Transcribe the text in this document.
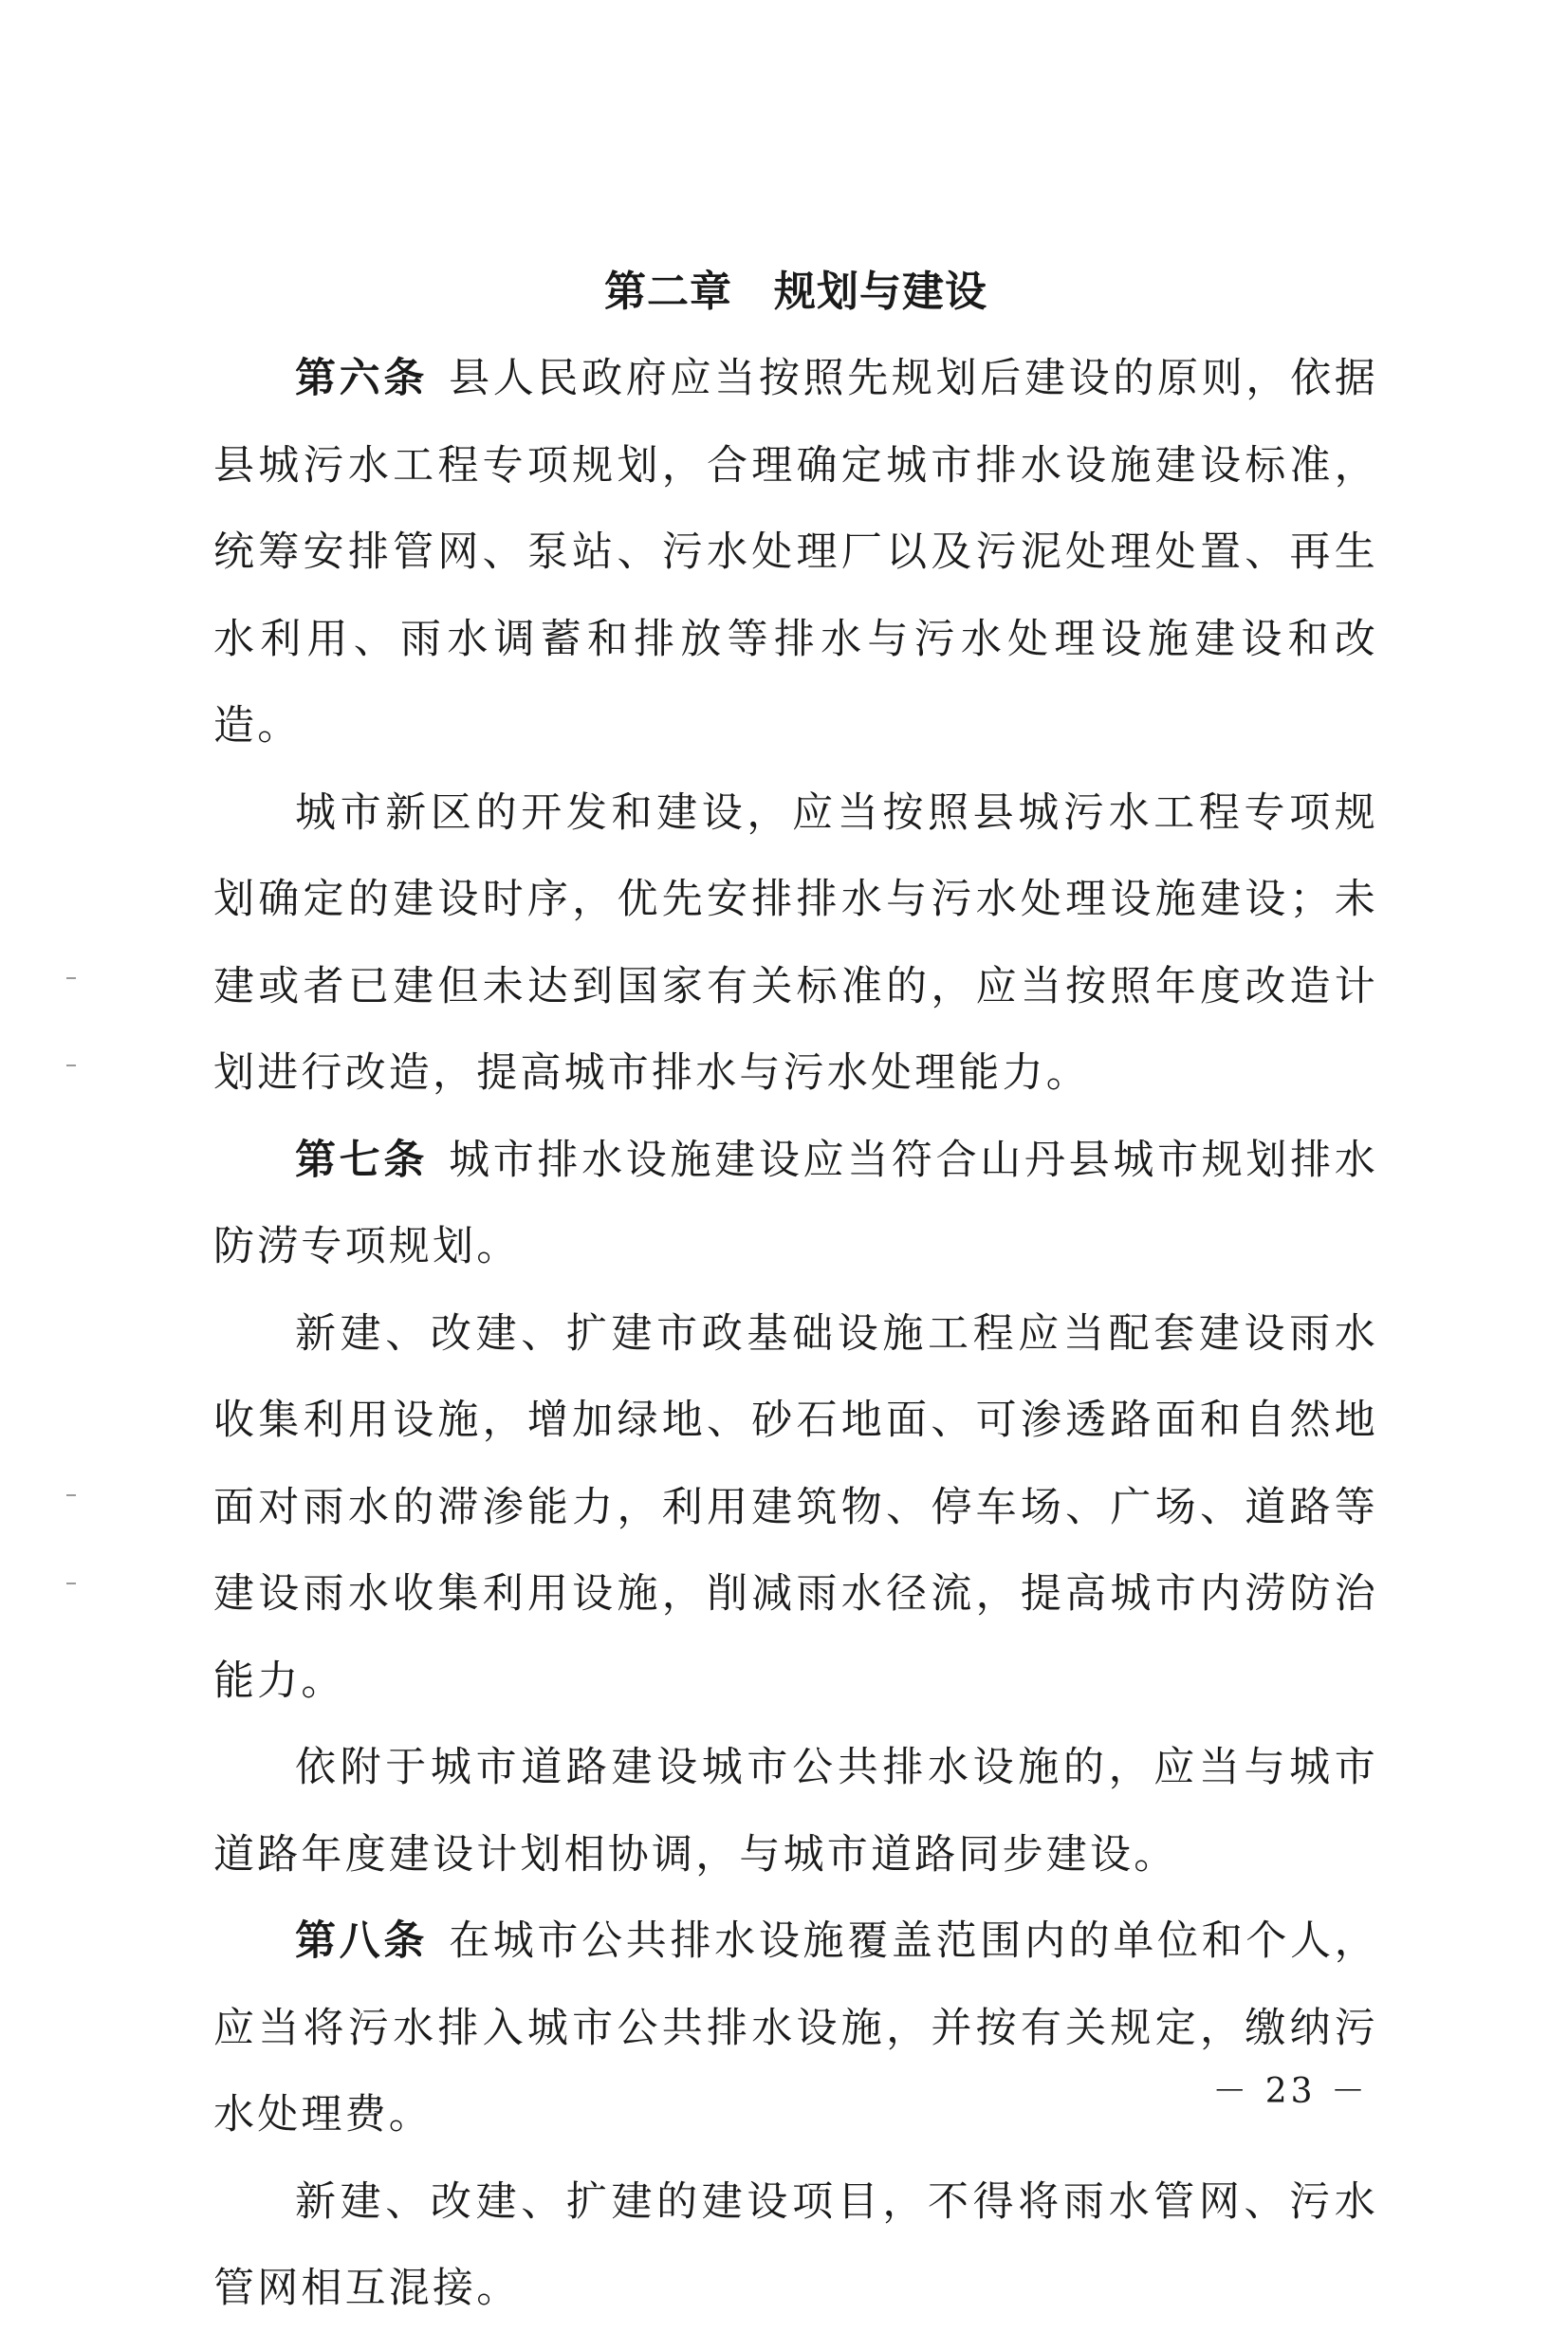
第二章 规划与建设

第六条 县人民政府应当按照先规划后建设的原则，依据县城污水工程专项规划，合理确定城市排水设施建设标准，统筹安排管网、泵站、污水处理厂以及污泥处理处置、再生水利用、雨水调蓄和排放等排水与污水处理设施建设和改造。

城市新区的开发和建设，应当按照县城污水工程专项规划确定的建设时序，优先安排排水与污水处理设施建设；未建或者已建但未达到国家有关标准的，应当按照年度改造计划进行改造，提高城市排水与污水处理能力。

第七条 城市排水设施建设应当符合山丹县城市规划排水防涝专项规划。

新建、改建、扩建市政基础设施工程应当配套建设雨水收集利用设施，增加绿地、砂石地面、可渗透路面和自然地面对雨水的滞渗能力，利用建筑物、停车场、广场、道路等建设雨水收集利用设施，削减雨水径流，提高城市内涝防治能力。

依附于城市道路建设城市公共排水设施的，应当与城市道路年度建设计划相协调，与城市道路同步建设。

第八条 在城市公共排水设施覆盖范围内的单位和个人，应当将污水排入城市公共排水设施，并按有关规定，缴纳污水处理费。

新建、改建、扩建的建设项目，不得将雨水管网、污水管网相互混接。

－ 23 －
